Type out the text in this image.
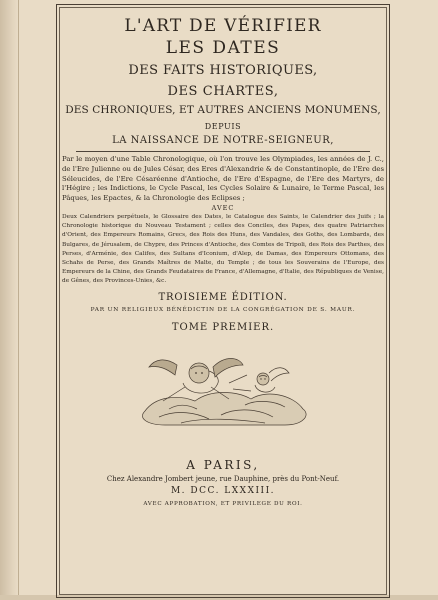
L'ART DE VÉRIFIER
LES DATES
DES FAITS HISTORIQUES,
DES CHARTES,
DES CHRONIQUES, ET AUTRES ANCIENS MONUMENS,
DEPUIS
LA NAISSANCE DE NOTRE-SEIGNEUR,
Par le moyen d'une Table Chronologique, où l'on trouve les Olympiades, les années de J. C., de l'Ere Julienne ou de Jules César, des Eres d'Alexandrie & de Constantinople, de l'Ere des Séleucides, de l'Ere Césaréenne d'Antioche, de l'Ere d'Espagne, de l'Ere des Martyrs, de l'Hégire ; les Indictions, le Cycle Pascal, les Cycles Solaire & Lunaire, le Terme Pascal, les Pâques, les Epactes, & la Chronologie des Eclipses ;
AVEC
Deux Calendriers perpétuels, le Glossaire des Dates, le Catalogue des Saints, le Calendrier des Juifs ; la Chronologie historique du Nouveau Testament ; celles des Conciles, des Papes, des quatre Patriarches d'Orient, des Empereurs Romains, Grecs, des Rois des Huns, des Vandales, des Goths, des Lombards, des Bulgares, de Jérusalem, de Chypre, des Princes d'Antioche, des Comtes de Tripoli, des Rois des Parthes, des Perses, d'Arménie, des Califes, des Sultans d'Iconium, d'Alep, de Damas, des Empereurs Ottomans, des Schahs de Perse, des Grands Maîtres de Malte, du Temple ; de tous les Souverains de l'Europe, des Empereurs de la Chine, des Grands Feudataires de France, d'Allemagne, d'Italie, des Républiques de Venise, de Gênes, des Provinces-Unies, &c.
TROISIEME ÉDITION.
PAR UN RELIGIEUX BÉNÉDICTIN DE LA CONGRÉGATION DE S. MAUR.
TOME PREMIER.
A PARIS,
Chez Alexandre Jombert jeune, rue Dauphine, près du Pont-Neuf.
M. DCC. LXXXIII.
AVEC APPROBATION, ET PRIVILEGE DU ROI.
